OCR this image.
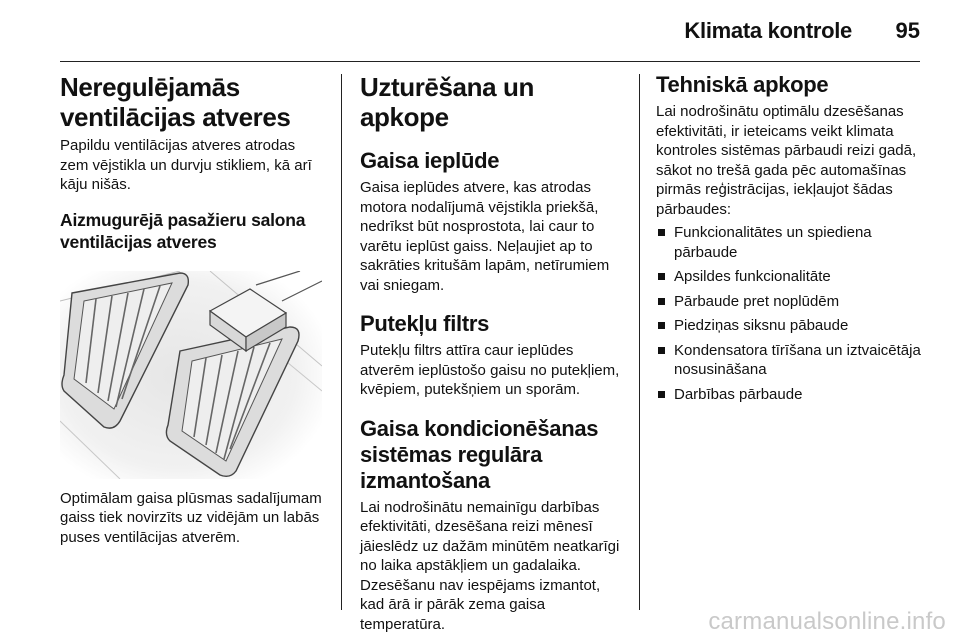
Klimata kontrole 95
Neregulējamās
ventilācijas atveres

Papildu ventilācijas atveres atrodas zem vējstikla un durvju stikliem, kā arī kāju nišās.

Aizmugurējā pasažieru salona
ventilācijas atveres

Optimālam gaisa plūsmas sadalījumam gaiss tiek novirzīts uz vidējām un labās puses ventilācijas atverēm.

Uzturēšana un apkope
Gaisa ieplūde

Gaisa ieplūdes atvere, kas atrodas motora nodalījumā vējstikla priekšā, nedrīkst būt nosprostota, lai caur to varētu ieplūst gaiss. Neļaujiet ap to sakrāties kritušām lapām, netīrumiem vai sniegam.

Putekļu filtrs

Putekļu filtrs attīra caur ieplūdes atverēm ieplūstošo gaisu no putekļiem, kvēpiem, putekšņiem un sporām.

Gaisa kondicionēšanas
sistēmas regulāra
izmantošana

Lai nodrošinātu nemainīgu darbības efektivitāti, dzesēšana reizi mēnesī jāieslēdz uz dažām minūtēm neatkarīgi no laika apstākļiem un gadalaika. Dzesēšanu nav iespējams izmantot, kad ārā ir pārāk zema gaisa temperatūra.

Tehniskā apkope

Lai nodrošinātu optimālu dzesēšanas efektivitāti, ir ieteicams veikt klimata kontroles sistēmas pārbaudi reizi gadā, sākot no trešā gada pēc automašīnas pirmās reģistrācijas, iekļaujot šādas pārbaudes:

Funkcionalitātes un spiediena pārbaude
Apsildes funkcionalitāte
Pārbaude pret noplūdēm
Piedziņas siksnu pābaude
Kondensatora tīrīšana un iztvaicētāja nosusināšana
Darbības pārbaude
carmanualsonline.info
